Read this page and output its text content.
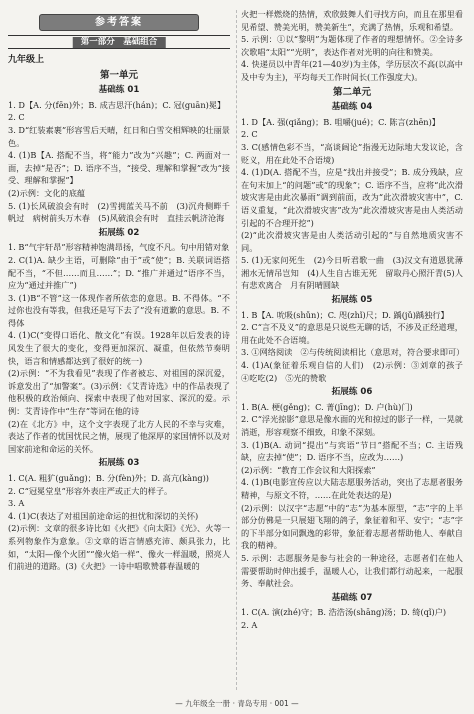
参考答案
第一部分　基础组合
九年级上
第一单元
基础练 01

1. D【A. 分(fēn)外；B. 成吉思汗(hán)；C. 冠(guān)冕】

2. C

3. D“红装素裹”形容雪后天晴，红日和白雪交相辉映的壮丽景色。

4. (1)B【A. 搭配不当，将“能力”改为“兴趣”；C. 两面对一面，去掉“是否”；D. 语序不当，“接受、理解和掌握”改为“接受、理解和掌握”】

(2)示例：文化的底蕴

5. (1)长风破浪会有时　(2)雪拥蓝关马不前　(3)沉舟侧畔千帆过　病树前头万木春　(5)风破浪会有时　直挂云帆济沧海

拓展练 02

1. B“气宇轩昂”形容精神饱满昂扬，气度不凡。句中用错对象

2. C(1)A. 缺少主语，可删除“由于”或“使”；B. 关联词语搭配不当，“不但……而且……”；D. “推广并通过”语序不当，应为“通过并推广”)

3. (1)B“不管”这一体现作者所依恋的意思。B. 不得体。“不过你也没有等我，但我还是写下去了”没有道歉的意思。B. 不得体

4. (1)C(“变得口语化、散文化”有误。1928年以后发表的诗风发生了很大的变化，变得更加深沉、凝重，但依然节奏明快，语言和情感都达到了很好的统一)

(2)示例：“不为我看见”表现了作者被忘、对祖国的深沉爱，诉意发出了“加警案”。(3)示例：《艾青诗选》中的作品表现了他积极的政治倾向、探索中表现了他对国家、深沉的爱。示例：艾青诗作中“生存”等词在他的诗

(2)在《北方》中，这个文字表现了北方人民的不幸与灾难，表达了作者的忧国忧民之情，展现了他深厚的家国情怀以及对国家前途和命运的关怀。

拓展练 03

1. C(A. 粗犷(guǎng)；B. 分(fèn)外；D. 高亢(kàng))

2. C“冠冕堂皇”形容外表庄严或正大的样子。

3. A

4. (1)C(表达了对祖国前途命运的担忧和深切的关怀)

(2)示例：文章的很多诗比如《火把》《向太阳》《光》、火等一系列物象作为意象。②文章的语言情感充沛、颇具张力，比如，“太阳—像个火团”“像火焰一样”、像火一样温暖，照亮人们前进的道路。(3)《火把》一诗中唱歌赞暮春温暖的

火把一样燃烧的热情，欢欣鼓舞人们寻找方向，而且在那里看见希望、赞美光明，赞美新生”，充满了热情，乐观和希望。

5. 示例：①以“黎明”为题体现了作者的理想情怀。②全诗多次歌唱“太阳”“光明”，表达作者对光明的向往和赞美。

4. 快递员以中青年(21—40岁)为主体，学历层次不高(以高中及中专为主)，平均每天工作时间长(工作强度大)。

第二单元
基础练 04

1. D【A. 强(qiǎng)；B. 咀嚼(jué)；C. 陈言(zhēn)】

2. C

3. C(感情色彩不当，“高谈阔论”指漫无边际地大发议论，含贬义，用在此处不合语境)

4. (1)D(A. 搭配不当，应是“找出并接受”；B. 成分残缺，应在句末加上“的问题”或“的现象”；C. 语序不当，应将“此次滑坡灾害是由此次暴雨”调到前面，改为“此次滑坡灾害中”，C. 语义重复，“此次滑坡灾害”改为“此次滑坡灾害是由人类活动引起的不合理开挖”)

(2)“此次滑坡灾害是由人类活动引起的”与自然地质灾害不同。

5. (1)无家问死生　(2)今日听君歌一曲　(3)汉文有道恩犹薄　湘水无情吊岂知　(4)人生自古谁无死　留取丹心照汗青(5)人有悲欢离合　月有阴晴圆缺

拓展练 05

1. B【A. 吮吸(shǔn)；C. 咫(zhǐ)尺；D. 踽(jǔ)踽独行】

2. C“言不及义”的意思是只说些无聊的话，不涉及正经道理，用在此处不合语境。

3. ①网络阅读　②与传统阅读相比（意思对，符合要求即可）

4. (1)A(象征着乐观自信的人们)　(2)示例：③刘章的孩子　④吃吃(2)　⑤光的赞歌

拓展练 06

1. B(A. 梗(gěng)；C. 菁(jīng)；D. 户(hù)门)

2. C“浮光掠影”意思是像水面的光和掠过的影子一样，一晃就消逝，形容观察不细致，印象不深刻。

3. (1)B(A. 动词“提出”与宾语“节日”搭配不当；C. 主语残缺，应去掉“使”；D. 语序不当，应改为……)

(2)示例：“教育工作会议和大阳探索”

4. (1)B(电影宣传应以大陆志愿服务活动，突出了志愿者服务精神，与原文不符，……在此处表达的是)

(2)示例：以汉字“志愿”中的“志”为基本原型，“志”字的上半部分仿佛是一只展翅飞翔的鸽子，象征着和平、安宁；“志”字的下半部分如同飘逸的彩带，象征着志愿者帮助他人、奉献自我的精神。

5. 示例：志愿服务是参与社会的一种途径，志愿者们在他人需要帮助时伸出援手，温暖人心，让我们都行动起来，一起服务、奉献社会。

基础练 07

1. C(A. 演(zhé)守；B. 浩浩汤(shāng)汤；D. 绮(qǐ)户)

2. A

— 九年级全一册 · 青岛专用 · 001 —
